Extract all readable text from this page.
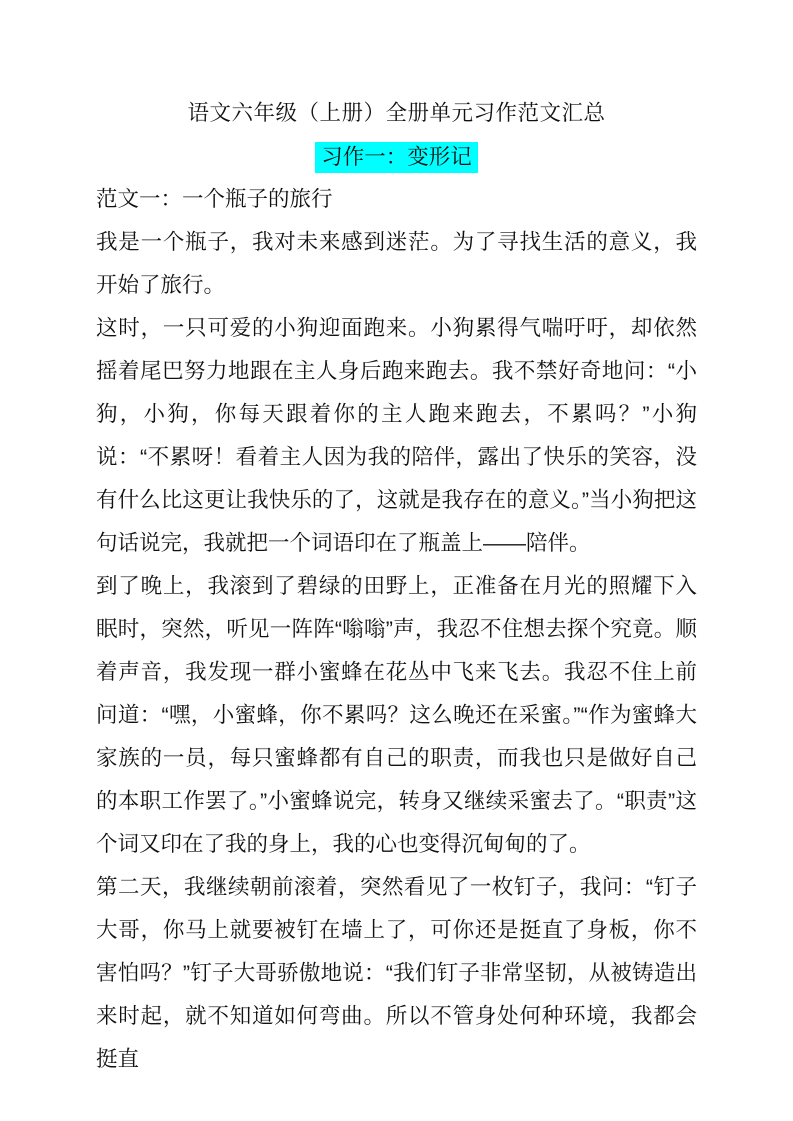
语文六年级（上册）全册单元习作范文汇总
习作一：变形记

范文一：一个瓶子的旅行

我是一个瓶子，我对未来感到迷茫。为了寻找生活的意义，我开始了旅行。

这时，一只可爱的小狗迎面跑来。小狗累得气喘吁吁，却依然摇着尾巴努力地跟在主人身后跑来跑去。我不禁好奇地问：“小狗，小狗，你每天跟着你的主人跑来跑去，不累吗？”小狗说：“不累呀！看着主人因为我的陪伴，露出了快乐的笑容，没有什么比这更让我快乐的了，这就是我存在的意义。”当小狗把这句话说完，我就把一个词语印在了瓶盖上——陪伴。

到了晚上，我滚到了碧绿的田野上，正准备在月光的照耀下入眠时，突然，听见一阵阵“嗡嗡”声，我忍不住想去探个究竟。顺着声音，我发现一群小蜜蜂在花丛中飞来飞去。我忍不住上前问道：“嘿，小蜜蜂，你不累吗？这么晚还在采蜜。”“作为蜜蜂大家族的一员，每只蜜蜂都有自己的职责，而我也只是做好自己的本职工作罢了。”小蜜蜂说完，转身又继续采蜜去了。“职责”这个词又印在了我的身上，我的心也变得沉甸甸的了。

第二天，我继续朝前滚着，突然看见了一枚钉子，我问：“钉子大哥，你马上就要被钉在墙上了，可你还是挺直了身板，你不害怕吗？”钉子大哥骄傲地说：“我们钉子非常坚韧，从被铸造出来时起，就不知道如何弯曲。所以不管身处何种环境，我都会挺直
